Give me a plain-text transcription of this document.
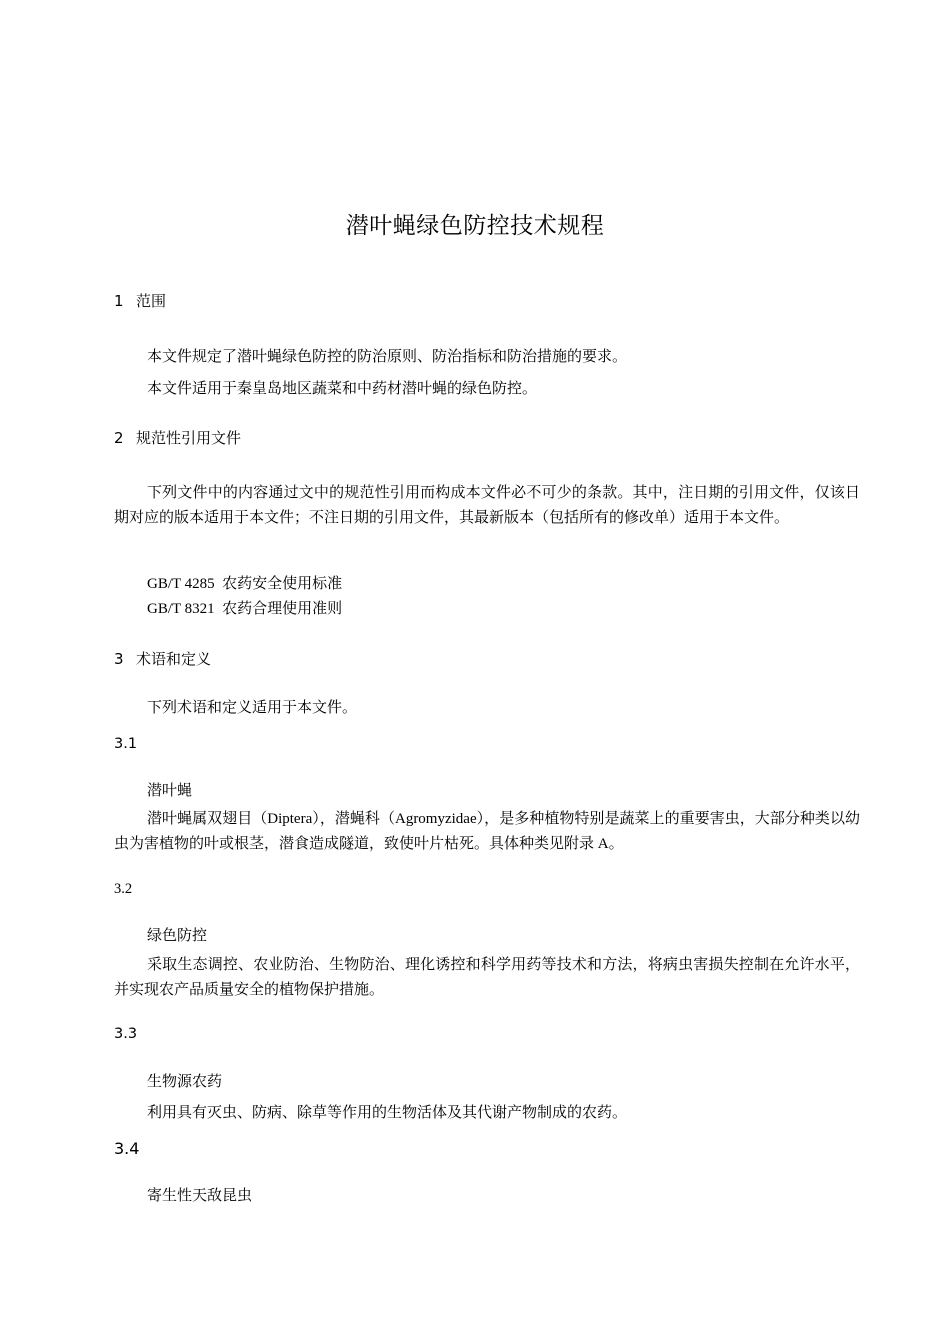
潜叶蝇绿色防控技术规程
1 范围
本文件规定了潜叶蝇绿色防控的防治原则、防治指标和防治措施的要求。
本文件适用于秦皇岛地区蔬菜和中药材潜叶蝇的绿色防控。
2 规范性引用文件
下列文件中的内容通过文中的规范性引用而构成本文件必不可少的条款。其中，注日期的引用文件，仅该日期对应的版本适用于本文件；不注日期的引用文件，其最新版本（包括所有的修改单）适用于本文件。
GB/T 4285 农药安全使用标准
GB/T 8321 农药合理使用准则
3 术语和定义
下列术语和定义适用于本文件。
3.1
潜叶蝇
潜叶蝇属双翅目（Diptera），潜蝇科（Agromyzidae），是多种植物特别是蔬菜上的重要害虫，大部分种类以幼虫为害植物的叶或根茎，潜食造成隧道，致使叶片枯死。具体种类见附录 A。
3.2
绿色防控
采取生态调控、农业防治、生物防治、理化诱控和科学用药等技术和方法，将病虫害损失控制在允许水平，并实现农产品质量安全的植物保护措施。
3.3
生物源农药
利用具有灭虫、防病、除草等作用的生物活体及其代谢产物制成的农药。
3.4
寄生性天敌昆虫
